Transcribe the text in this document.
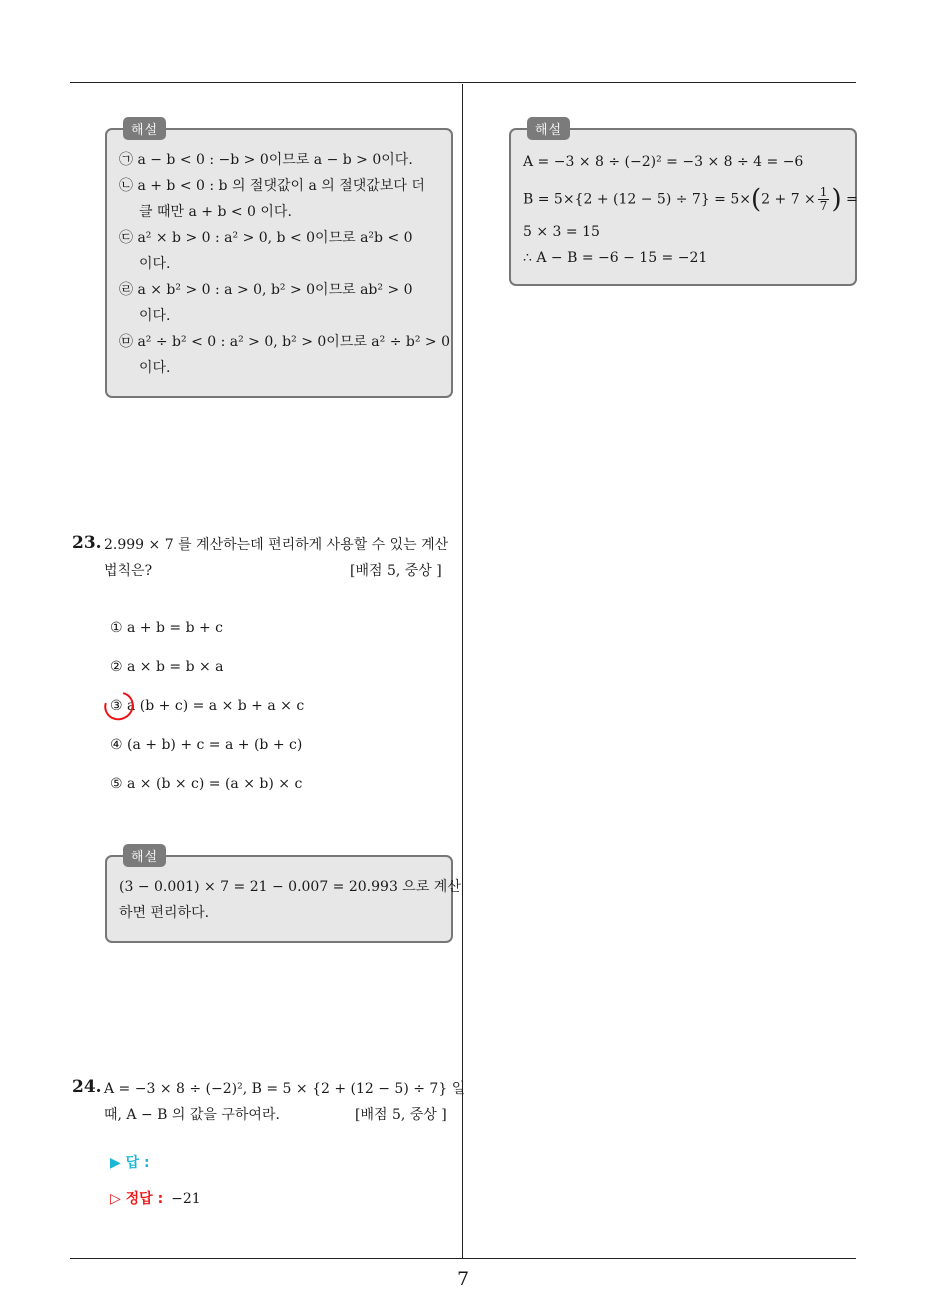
해설
㉠ a − b < 0 : −b > 0이므로 a − b > 0이다.
㉡ a + b < 0 : b 의 절댓값이 a 의 절댓값보다 더
클 때만 a + b < 0 이다.
㉢ a² × b > 0 : a² > 0, b < 0이므로 a²b < 0
이다.
㉣ a × b² > 0 : a > 0, b² > 0이므로 ab² > 0
이다.
㉤ a² ÷ b² < 0 : a² > 0, b² > 0이므로 a² ÷ b² > 0
이다.
23. 2.999 × 7 를 계산하는데 편리하게 사용할 수 있는 계산
법칙은?	[배점 5, 중상 ]
① a + b = b + c
② a × b = b × a
③ a (b + c) = a × b + a × c
④ (a + b) + c = a + (b + c)
⑤ a × (b × c) = (a × b) × c
해설
(3 − 0.001) × 7 = 21 − 0.007 = 20.993 으로 계산
하면 편리하다.
24. A = −3 × 8 ÷ (−2)², B = 5 × {2 + (12 − 5) ÷ 7} 일
때, A − B 의 값을 구하여라.	[배점 5, 중상 ]
▶ 답 :
▷ 정답 : −21
해설
A = −3 × 8 ÷ (−2)² = −3 × 8 ÷ 4 = −6
$B = 5\times\{2 + (12 - 5) \div 7\} = 5\times(2 + 7 \times \frac{1}{7}$ ) =
5 × 3 = 15
∴ A − B = −6 − 15 = −21
7
